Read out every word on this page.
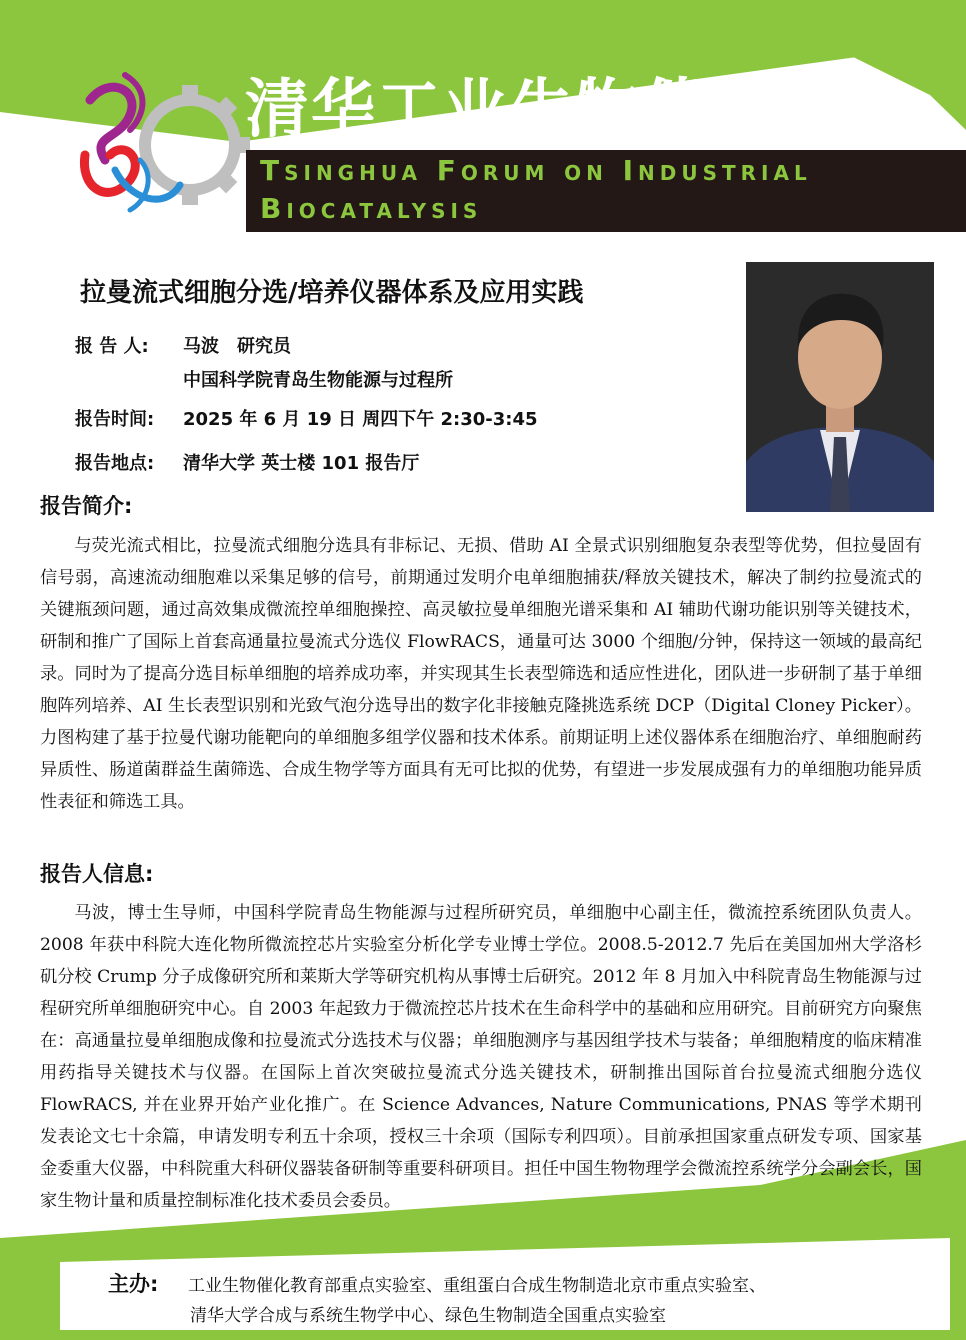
清华工业生物催化论坛
Tsinghua Forum on Industrial
Biocatalysis
拉曼流式细胞分选/培养仪器体系及应用实践
报 告 人: 马波　研究员
中国科学院青岛生物能源与过程所
报告时间: 2025 年 6 月 19 日 周四下午 2:30-3:45
报告地点: 清华大学 英士楼 101 报告厅
报告简介:
与荧光流式相比，拉曼流式细胞分选具有非标记、无损、借助 AI 全景式识别细胞复杂表型等优势，但拉曼固有信号弱，高速流动细胞难以采集足够的信号，前期通过发明介电单细胞捕获/释放关键技术，解决了制约拉曼流式的关键瓶颈问题，通过高效集成微流控单细胞操控、高灵敏拉曼单细胞光谱采集和 AI 辅助代谢功能识别等关键技术，研制和推广了国际上首套高通量拉曼流式分选仪 FlowRACS，通量可达 3000 个细胞/分钟，保持这一领域的最高纪录。同时为了提高分选目标单细胞的培养成功率，并实现其生长表型筛选和适应性进化，团队进一步研制了基于单细胞阵列培养、AI 生长表型识别和光致气泡分选导出的数字化非接触克隆挑选系统 DCP（Digital Cloney Picker）。力图构建了基于拉曼代谢功能靶向的单细胞多组学仪器和技术体系。前期证明上述仪器体系在细胞治疗、单细胞耐药异质性、肠道菌群益生菌筛选、合成生物学等方面具有无可比拟的优势，有望进一步发展成强有力的单细胞功能异质性表征和筛选工具。
报告人信息:
马波，博士生导师，中国科学院青岛生物能源与过程所研究员，单细胞中心副主任，微流控系统团队负责人。2008 年获中科院大连化物所微流控芯片实验室分析化学专业博士学位。2008.5-2012.7 先后在美国加州大学洛杉矶分校 Crump 分子成像研究所和莱斯大学等研究机构从事博士后研究。2012 年 8 月加入中科院青岛生物能源与过程研究所单细胞研究中心。自 2003 年起致力于微流控芯片技术在生命科学中的基础和应用研究。目前研究方向聚焦在：高通量拉曼单细胞成像和拉曼流式分选技术与仪器；单细胞测序与基因组学技术与装备；单细胞精度的临床精准用药指导关键技术与仪器。在国际上首次突破拉曼流式分选关键技术，研制推出国际首台拉曼流式细胞分选仪 FlowRACS, 并在业界开始产业化推广。在 Science Advances, Nature Communications, PNAS 等学术期刊发表论文七十余篇，申请发明专利五十余项，授权三十余项（国际专利四项）。目前承担国家重点研发专项、国家基金委重大仪器，中科院重大科研仪器装备研制等重要科研项目。担任中国生物物理学会微流控系统学分会副会长，国家生物计量和质量控制标准化技术委员会委员。
主办: 工业生物催化教育部重点实验室、重组蛋白合成生物制造北京市重点实验室、
清华大学合成与系统生物学中心、绿色生物制造全国重点实验室
